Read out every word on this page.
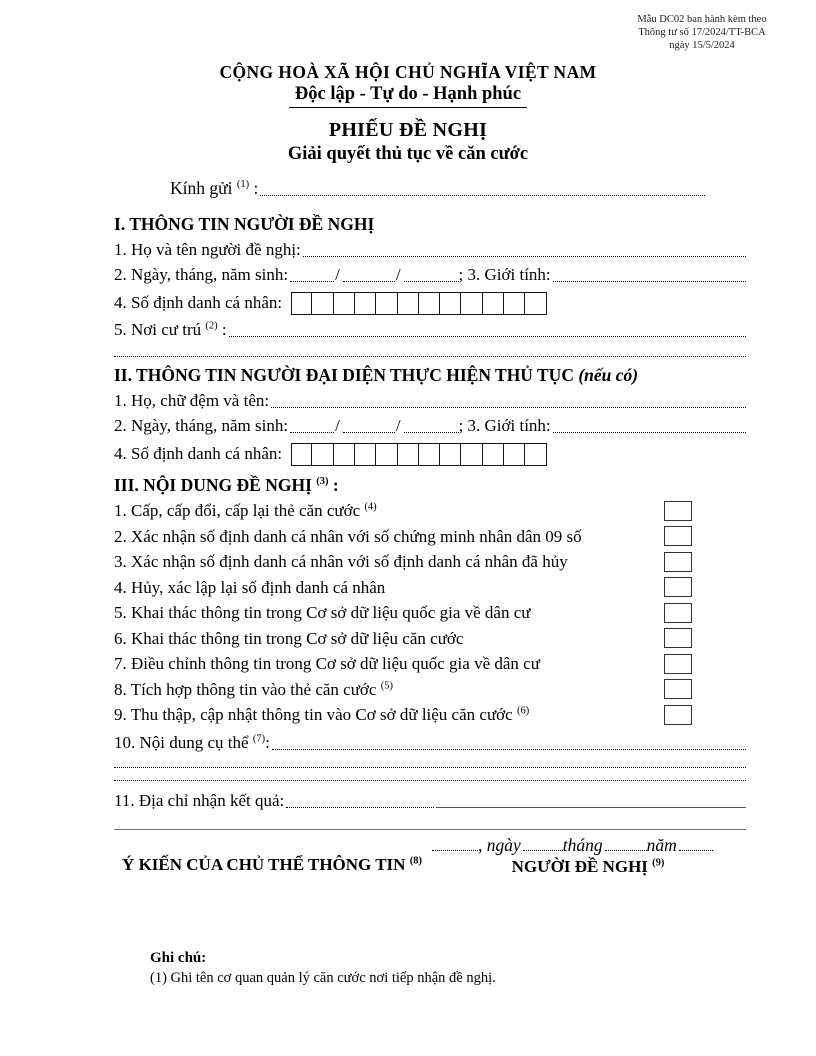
Mẫu DC02 ban hành kèm theo
Thông tư số 17/2024/TT-BCA
ngày 15/5/2024
CỘNG HOÀ XÃ HỘI CHỦ NGHĨA VIỆT NAM
Độc lập - Tự do - Hạnh phúc
PHIẾU ĐỀ NGHỊ
Giải quyết thủ tục về căn cước
Kính gửi $^{(1)}$ :
I. THÔNG TIN NGƯỜI ĐỀ NGHỊ
1. Họ và tên người đề nghị:
2. Ngày, tháng, năm sinh:	/	/	; 3. Giới tính:
4. Số định danh cá nhân:
5. Nơi cư trú $^{(2)}$ :
II. THÔNG TIN NGƯỜI ĐẠI DIỆN THỰC HIỆN THỦ TỤC (nếu có)
1. Họ, chữ đệm và tên:
2. Ngày, tháng, năm sinh:	/	/	; 3. Giới tính:
4. Số định danh cá nhân:
III. NỘI DUNG ĐỀ NGHỊ $^{(3)}$ :
1. Cấp, cấp đổi, cấp lại thẻ căn cước $^{(4)}$
2. Xác nhận số định danh cá nhân với số chứng minh nhân dân 09 số
3. Xác nhận số định danh cá nhân với số định danh cá nhân đã hủy
4. Hủy, xác lập lại số định danh cá nhân
5. Khai thác thông tin trong Cơ sở dữ liệu quốc gia về dân cư
6. Khai thác thông tin trong Cơ sở dữ liệu căn cước
7. Điều chỉnh thông tin trong Cơ sở dữ liệu quốc gia về dân cư
8. Tích hợp thông tin vào thẻ căn cước $^{(5)}$
9. Thu thập, cập nhật thông tin vào Cơ sở dữ liệu căn cước $^{(6)}$
10. Nội dung cụ thể $^{(7)}$:
11. Địa chỉ nhận kết quả:
Ý KIẾN CỦA CHỦ THỂ THÔNG TIN $^{(8)}$
, ngày tháng	năm
NGƯỜI ĐỀ NGHỊ $^{(9)}$
Ghi chú:
(1) Ghi tên cơ quan quản lý căn cước nơi tiếp nhận đề nghị.
